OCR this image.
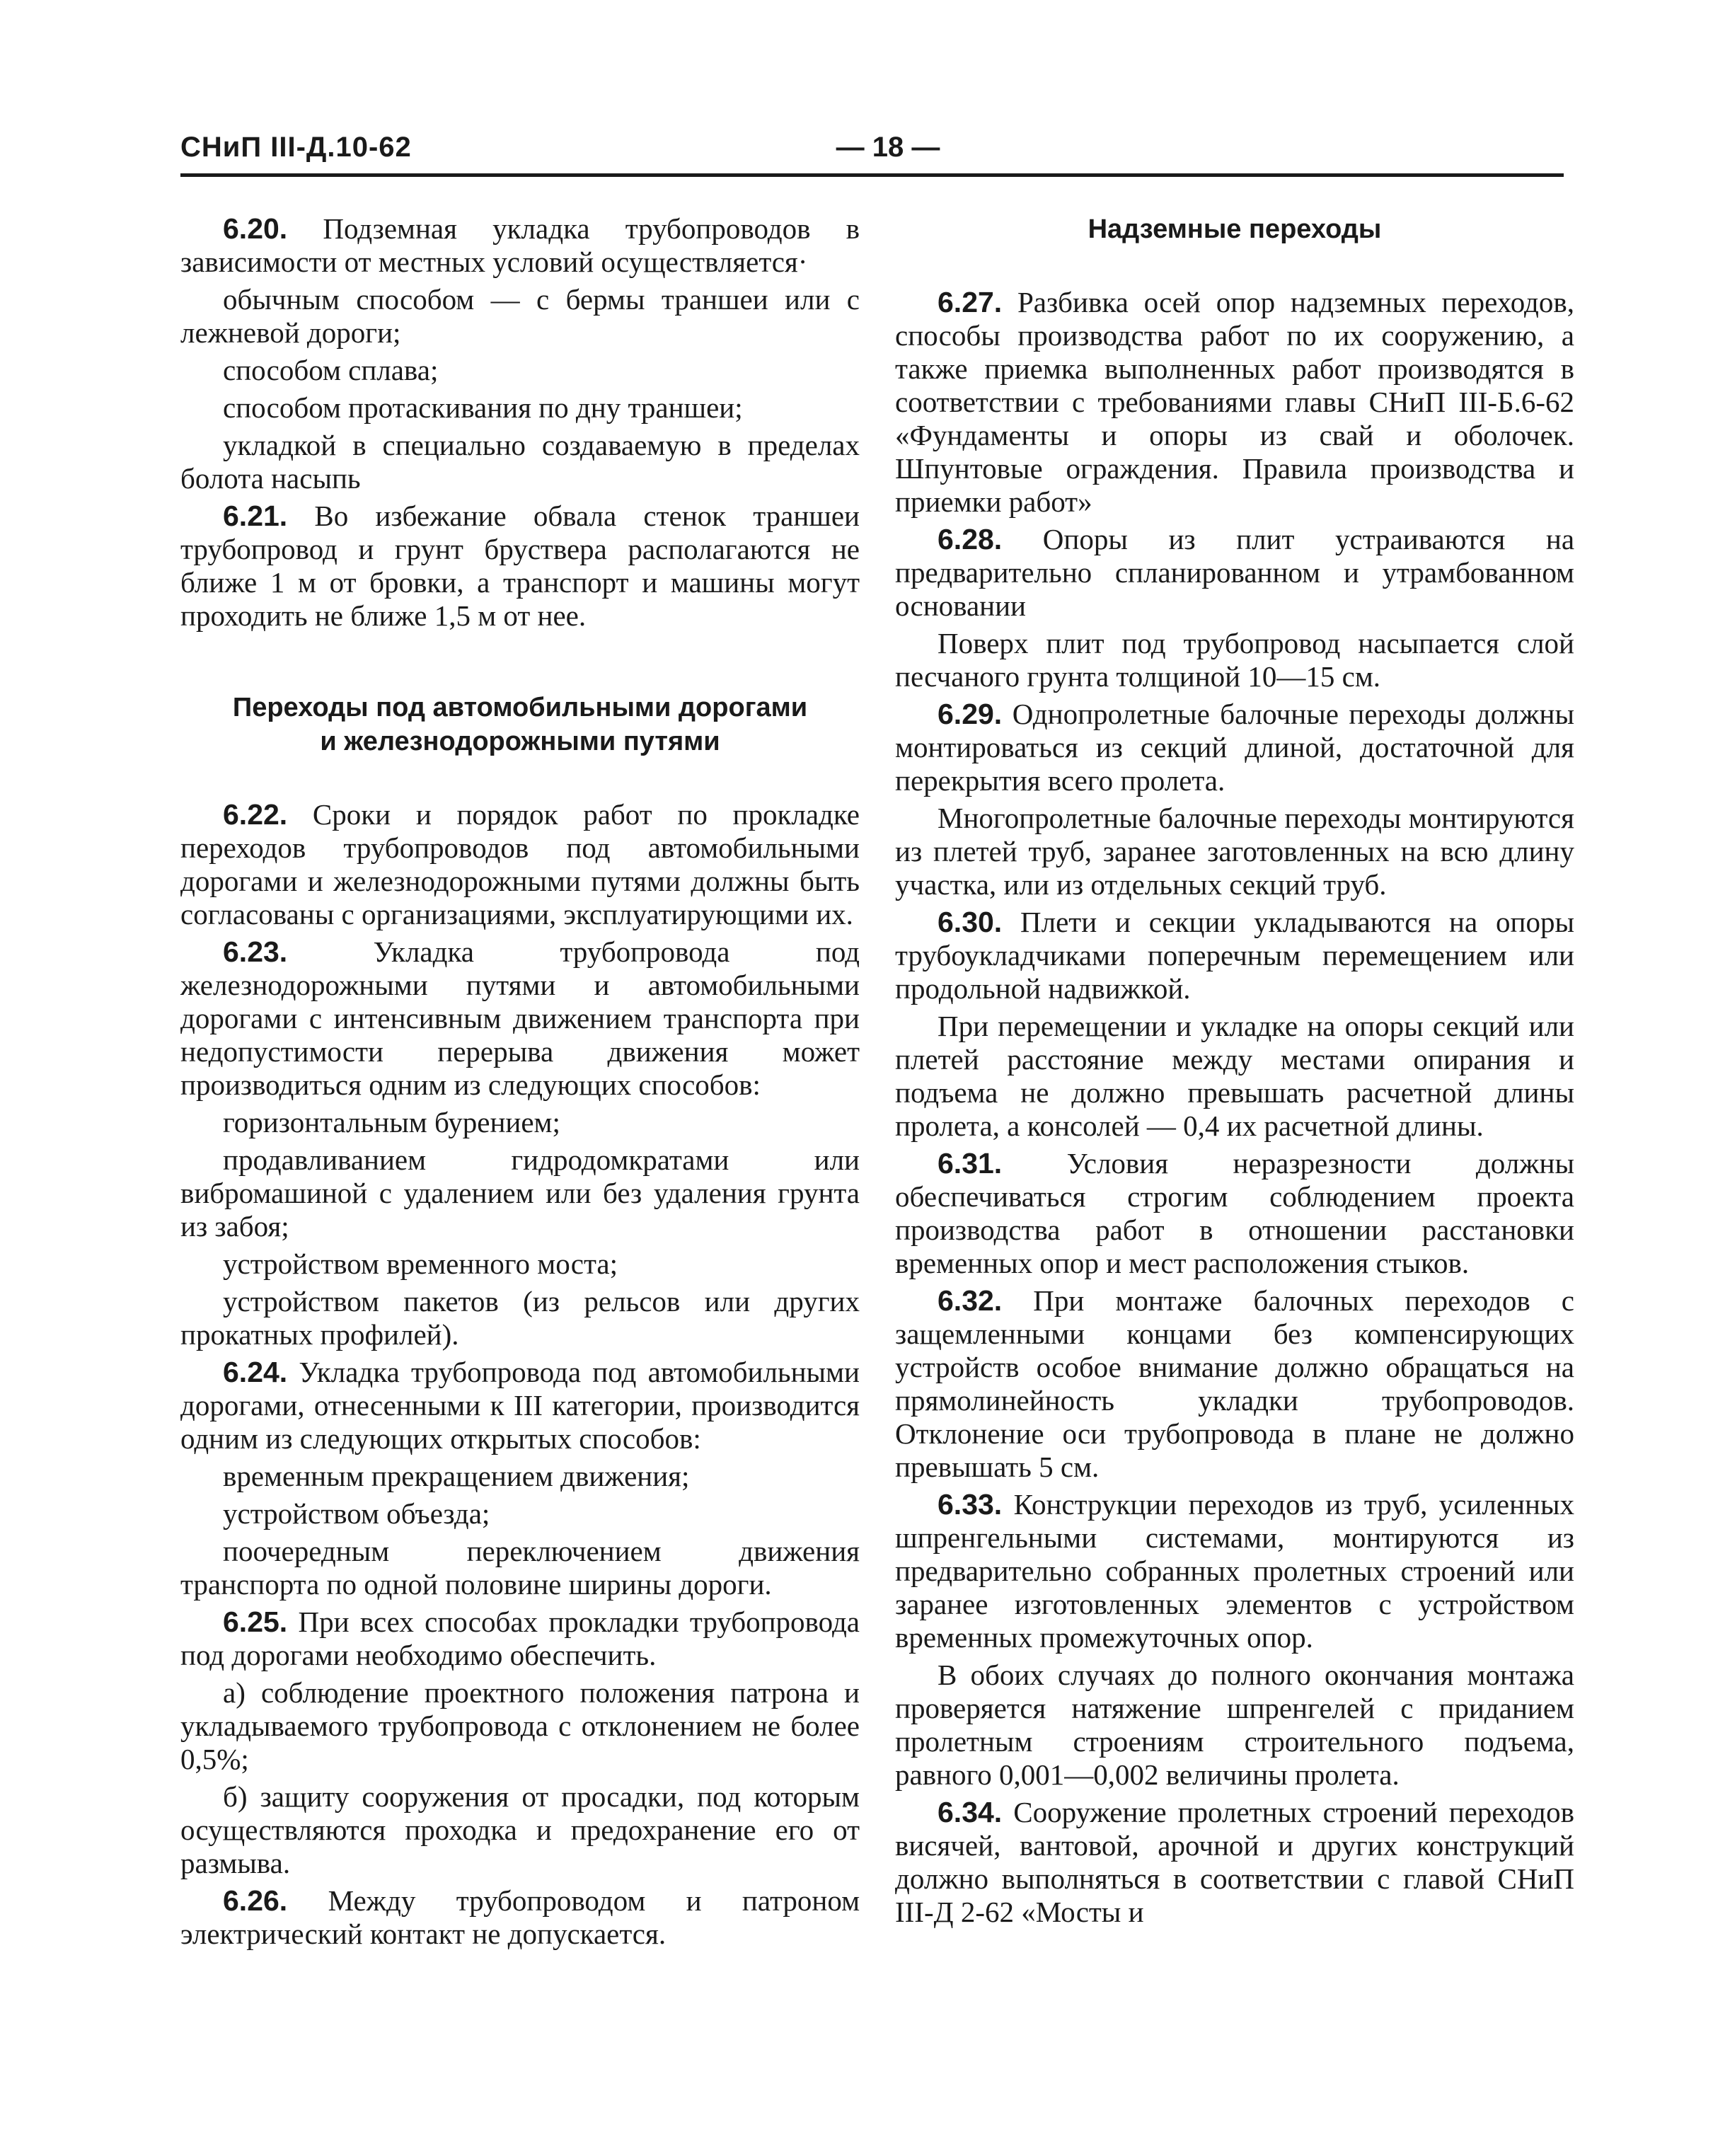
СНиП III-Д.10-62	— 18 —

6.20. Подземная укладка трубопроводов в зависимости от местных условий осуществляется·

обычным способом — с бермы траншеи или с лежневой дороги;

способом сплава;

способом протаскивания по дну траншеи;

укладкой в специально создаваемую в пределах болота насыпь

6.21. Во избежание обвала стенок траншеи трубопровод и грунт бруствера располагаются не ближе 1 м от бровки, а транспорт и машины могут проходить не ближе 1,5 м от нее.

Переходы под автомобильными дорогами
и железнодорожными путями

6.22. Сроки и порядок работ по прокладке переходов трубопроводов под автомобильными дорогами и железнодорожными путями должны быть согласованы с организациями, эксплуатирующими их.

6.23.	Укладка трубопровода под железнодорожными путями и автомобильными дорогами с интенсивным движением транспорта при недопустимости перерыва движения может производиться одним из следующих способов:

горизонтальным бурением;

продавливанием гидродомкратами или вибромашиной с удалением или без удаления грунта из забоя;

устройством временного моста;

устройством пакетов (из рельсов или других прокатных профилей).

6.24. Укладка трубопровода под автомобильными дорогами, отнесенными к III категории, производится одним из следующих открытых способов:

временным прекращением движения;

устройством объезда;

поочередным переключением движения транспорта по одной половине ширины дороги.

6.25. При всех способах прокладки трубопровода под дорогами необходимо обеспечить.

а) соблюдение проектного положения патрона и укладываемого трубопровода с отклонением не более 0,5%;

б) защиту сооружения от просадки, под которым осуществляются проходка и предохранение его от размыва.

6.26. Между трубопроводом и патроном электрический контакт не допускается.

Надземные переходы

6.27. Разбивка осей опор надземных переходов, способы производства работ по их сооружению, а также приемка выполненных работ производятся в соответствии с требованиями главы СНиП III-Б.6-62 «Фундаменты и опоры из свай и оболочек. Шпунтовые ограждения. Правила производства и приемки работ»

6.28. Опоры из плит устраиваются на предварительно спланированном и утрамбованном основании

Поверх плит под трубопровод насыпается слой песчаного грунта толщиной 10—15 см.

6.29. Однопролетные балочные переходы должны монтироваться из секций длиной, достаточной для перекрытия всего пролета.

Многопролетные балочные переходы монтируются из плетей труб, заранее заготовленных на всю длину участка, или из отдельных секций труб.

6.30. Плети и секции укладываются на опоры трубоукладчиками поперечным перемещением или продольной надвижкой.

При перемещении и укладке на опоры секций или плетей расстояние между местами опирания и подъема не должно превышать расчетной длины пролета, а консолей — 0,4 их расчетной длины.

6.31. Условия неразрезности должны обеспечиваться строгим соблюдением проекта производства работ в отношении расстановки временных опор и мест расположения стыков.

6.32. При монтаже балочных переходов с защемленными концами без компенсирующих устройств особое внимание должно обращаться на прямолинейность укладки трубопроводов. Отклонение оси трубопровода в плане не должно превышать 5 см.

6.33. Конструкции переходов из труб, усиленных шпренгельными системами, монтируются из предварительно собранных пролетных строений или заранее изготовленных элементов с устройством временных промежуточных опор.

В обоих случаях до полного окончания монтажа проверяется натяжение шпренгелей с приданием пролетным строениям строительного подъема, равного 0,001—0,002 величины пролета.

6.34. Сооружение пролетных строений переходов висячей, вантовой, арочной и других конструкций должно выполняться в соответствии с главой СНиП III-Д 2-62 «Мосты и
